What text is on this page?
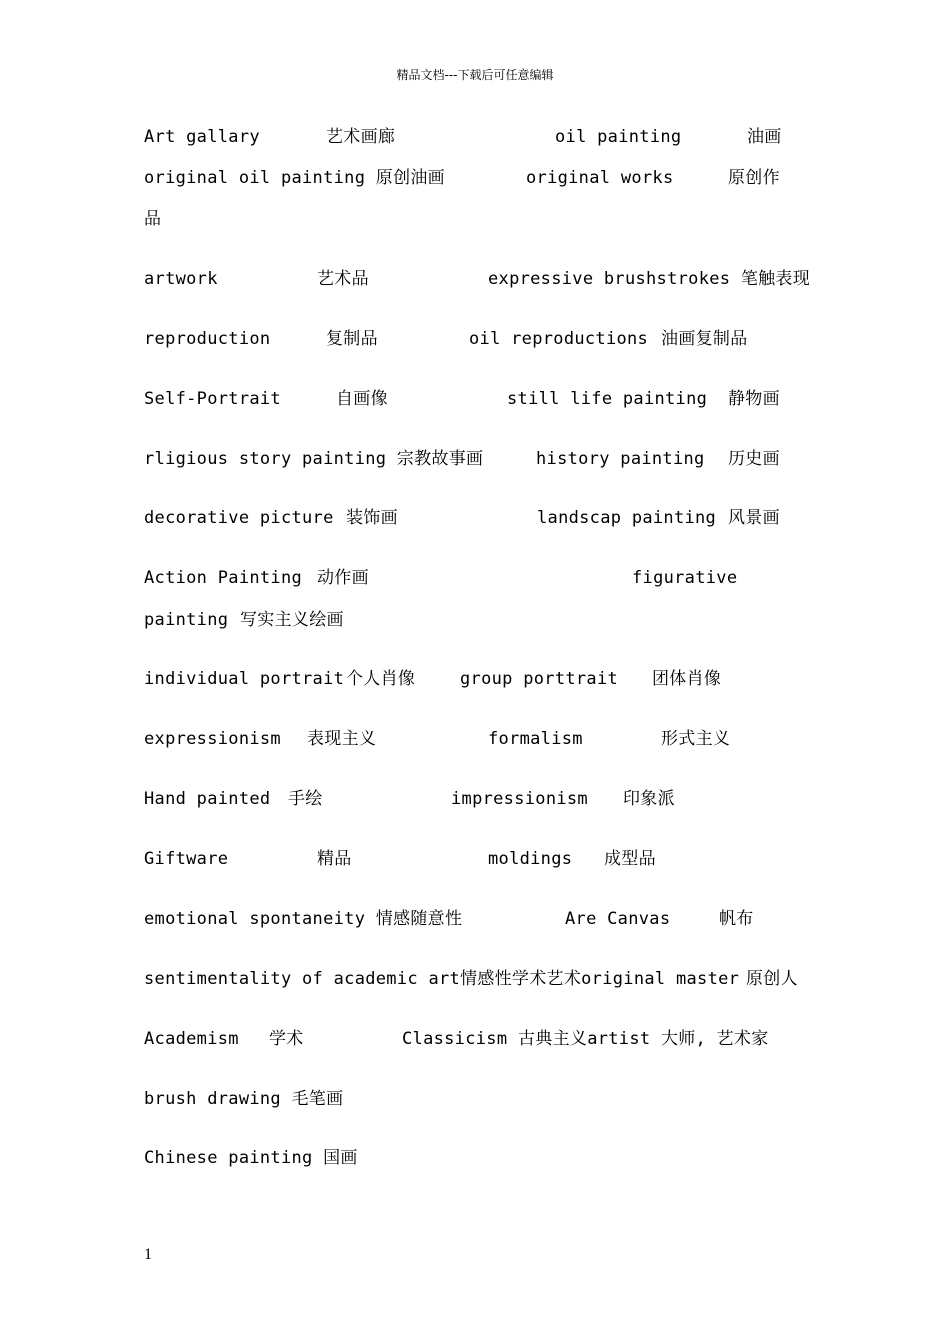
精品文档---下载后可任意编辑
Art gallary	艺术画廊	oil painting	油画
original oil painting 原创油画	original works	原创作
品
artwork	艺术品	expressive brushstrokes 笔触表现
reproduction	复制品	oil reproductions 油画复制品
Self-Portrait	自画像	still life painting 静物画
rligious story painting 宗教故事画	history painting 历史画
decorative picture 装饰画	landscap painting 风景画
Action Painting 动作画	figurative
painting 写实主义绘画
individual portrait 个人肖像	group porttrait 团体肖像
expressionism 表现主义	formalism	形式主义
Hand painted 手绘	impressionism 印象派
Giftware	精品	moldings 成型品
emotional spontaneity 情感随意性	Are Canvas	帆布
sentimentality of academic art情感性学术艺术original master 原创人
Academism 学术	Classicism 古典主义artist 大师, 艺术家
brush drawing 毛笔画
Chinese painting 国画
1
